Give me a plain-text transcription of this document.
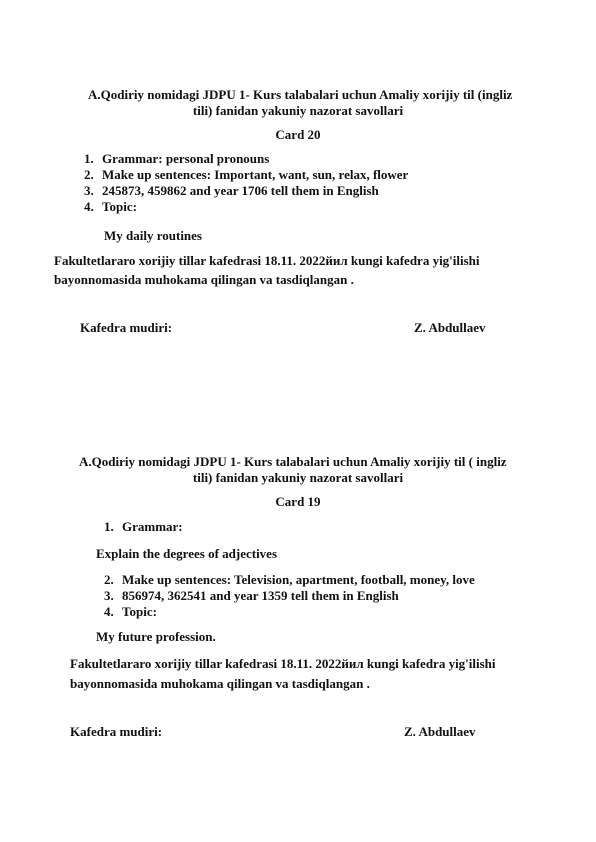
A.Qodiriy nomidagi JDPU 1- Kurs talabalari uchun Amaliy xorijiy til (ingliz
tili) fanidan yakuniy nazorat savollari
Card 20
1. Grammar: personal pronouns
2. Make up sentences: Important, want, sun, relax, flower
3. 245873, 459862 and year 1706 tell them in English
4. Topic:
My daily routines
Fakultetlararo xorijiy tillar kafedrasi 18.11. 2022йил kungi kafedra yig'ilishi
bayonnomasida muhokama qilingan va tasdiqlangan .
Kafedra mudiri:	Z. Abdullaev
A.Qodiriy nomidagi JDPU 1- Kurs talabalari uchun Amaliy xorijiy til ( ingliz
tili) fanidan yakuniy nazorat savollari
Card 19
1. Grammar:
Explain the degrees of adjectives
2. Make up sentences: Television, apartment, football, money, love
3. 856974, 362541 and year 1359 tell them in English
4. Topic:
My future profession.
Fakultetlararo xorijiy tillar kafedrasi 18.11. 2022йил kungi kafedra yig'ilishi
bayonnomasida muhokama qilingan va tasdiqlangan .
Kafedra mudiri:	Z. Abdullaev
